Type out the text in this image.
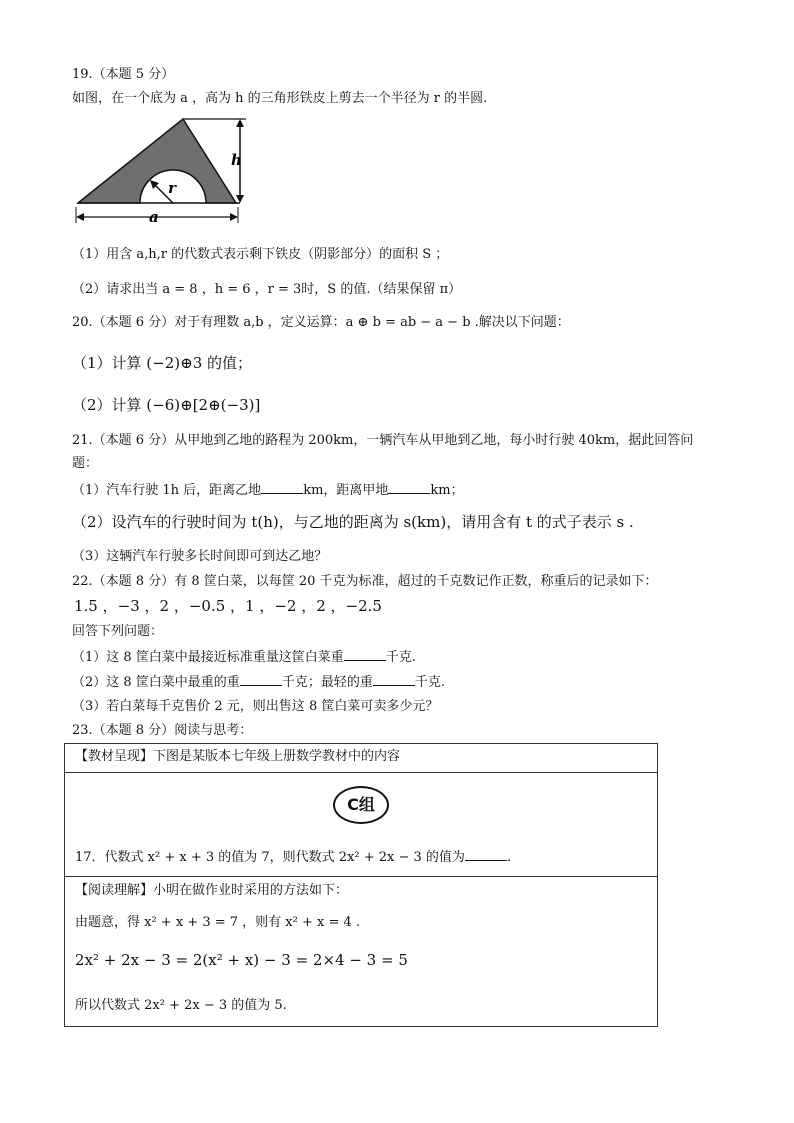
19.（本题 5 分）
如图，在一个底为 a ，高为 h 的三角形铁皮上剪去一个半径为 r 的半圆.
h
r
a
（1）用含 a,h,r 的代数式表示剩下铁皮（阴影部分）的面积 S ；
（2）请求出当 a = 8 ，h = 6 ，r = 3时，S 的值.（结果保留 π）
20.（本题 6 分）对于有理数 a,b ，定义运算：a ⊕ b = ab − a − b .解决以下问题：
（1）计算 (−2)⊕3 的值；
（2）计算 (−6)⊕[2⊕(−3)]
21.（本题 6 分）从甲地到乙地的路程为 200km，一辆汽车从甲地到乙地，每小时行驶 40km，据此回答问
题：
（1）汽车行驶 1h 后，距离乙地	km，距离甲地	km；
（2）设汽车的行驶时间为 t(h)，与乙地的距离为 s(km)，请用含有 t 的式子表示 s .
（3）这辆汽车行驶多长时间即可到达乙地？
22.（本题 8 分）有 8 筐白菜，以每筐 20 千克为标准，超过的千克数记作正数，称重后的记录如下：
1.5 ，−3 ，2 ，−0.5 ，1 ，−2 ，2 ，−2.5
回答下列问题：
（1）这 8 筐白菜中最接近标准重量这筐白菜重	千克.
（2）这 8 筐白菜中最重的重	千克；最轻的重	千克.
（3）若白菜每千克售价 2 元，则出售这 8 筐白菜可卖多少元？
23.（本题 8 分）阅读与思考：
【教材呈现】下图是某版本七年级上册数学教材中的内容
C组
17．代数式 x² + x + 3 的值为 7，则代数式 2x² + 2x − 3 的值为	.
【阅读理解】小明在做作业时采用的方法如下：
由题意，得 x² + x + 3 = 7 ，则有 x² + x = 4 .
2x² + 2x − 3 = 2(x² + x) − 3 = 2×4 − 3 = 5
所以代数式 2x² + 2x − 3 的值为 5.
